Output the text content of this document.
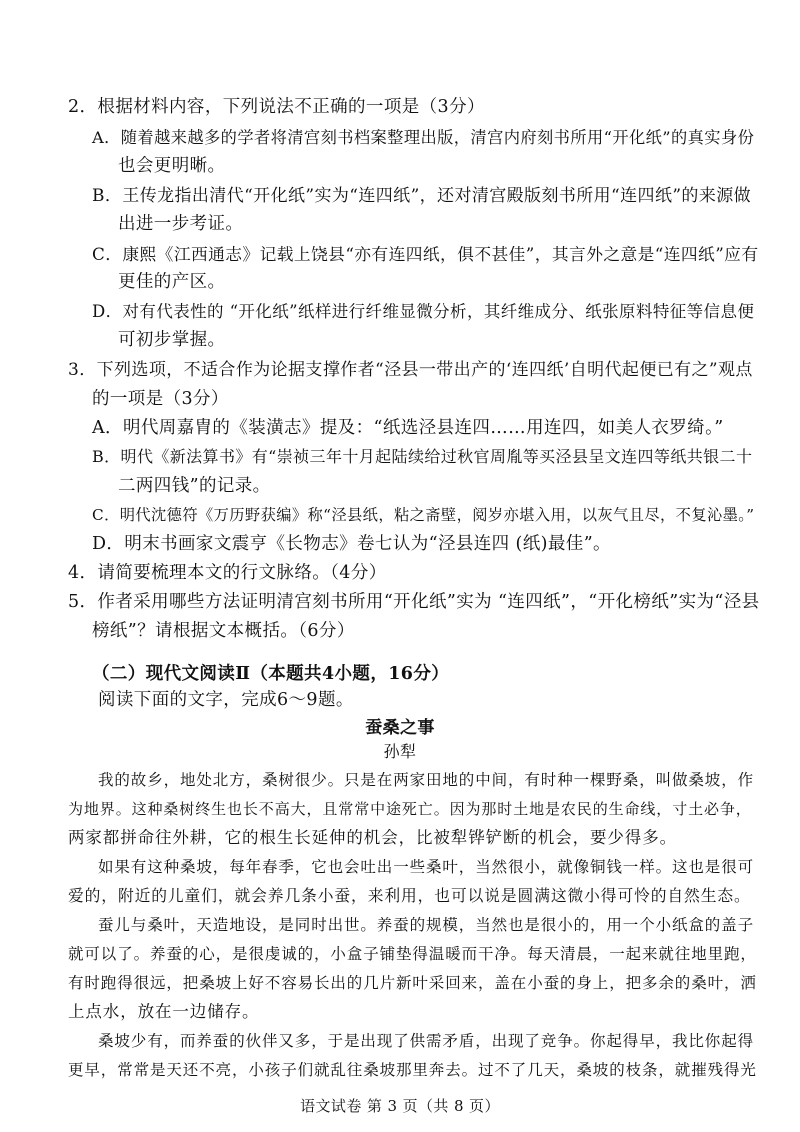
2．根据材料内容，下列说法不正确的一项是（3分）
A．随着越来越多的学者将清宫刻书档案整理出版，清宫内府刻书所用“开化纸”的真实身份
也会更明晰。
B．王传龙指出清代“开化纸”实为“连四纸”，还对清宫殿版刻书所用“连四纸”的来源做
出进一步考证。
C．康熙《江西通志》记载上饶县“亦有连四纸，俱不甚佳”，其言外之意是“连四纸”应有
更佳的产区。
D．对有代表性的 “开化纸”纸样进行纤维显微分析，其纤维成分、纸张原料特征等信息便
可初步掌握。
3．下列选项，不适合作为论据支撑作者“泾县一带出产的‘连四纸’自明代起便已有之”观点
的一项是（3分）
A．明代周嘉胄的《装潢志》提及：“纸选泾县连四……用连四，如美人衣罗绮。”
B．明代《新法算书》有“崇祯三年十月起陆续给过秋官周胤等买泾县呈文连四等纸共银二十
二两四钱”的记录。
C．明代沈德符《万历野获编》称“泾县纸，粘之斋壁，阅岁亦堪入用，以灰气且尽，不复沁墨。”
D．明末书画家文震亨《长物志》卷七认为“泾县连四 (纸)最佳”。
4．请简要梳理本文的行文脉络。（4分）
5．作者采用哪些方法证明清宫刻书所用“开化纸”实为 “连四纸”，“开化榜纸”实为“泾县
榜纸”？请根据文本概括。（6分）
（二）现代文阅读Ⅱ（本题共4小题，16分）
阅读下面的文字，完成6～9题。
蚕桑之事
孙犁
我的故乡，地处北方，桑树很少。只是在两家田地的中间，有时种一棵野桑，叫做桑坡，作
为地界。这种桑树终生也长不高大，且常常中途死亡。因为那时土地是农民的生命线，寸土必争，
两家都拼命往外耕，它的根生长延伸的机会，比被犁铧铲断的机会，要少得多。
如果有这种桑坡，每年春季，它也会吐出一些桑叶，当然很小，就像铜钱一样。这也是很可
爱的，附近的儿童们，就会养几条小蚕，来利用，也可以说是圆满这微小得可怜的自然生态。
蚕儿与桑叶，天造地设，是同时出世。养蚕的规模，当然也是很小的，用一个小纸盒的盖子
就可以了。养蚕的心，是很虔诚的，小盒子铺垫得温暖而干净。每天清晨，一起来就往地里跑，
有时跑得很远，把桑坡上好不容易长出的几片新叶采回来，盖在小蚕的身上，把多余的桑叶，洒
上点水，放在一边储存。
桑坡少有，而养蚕的伙伴又多，于是出现了供需矛盾，出现了竞争。你起得早，我比你起得
更早，常常是天还不亮，小孩子们就乱往桑坡那里奔去。过不了几天，桑坡的枝条，就摧残得光
语文试卷 第 3 页（共 8 页）
